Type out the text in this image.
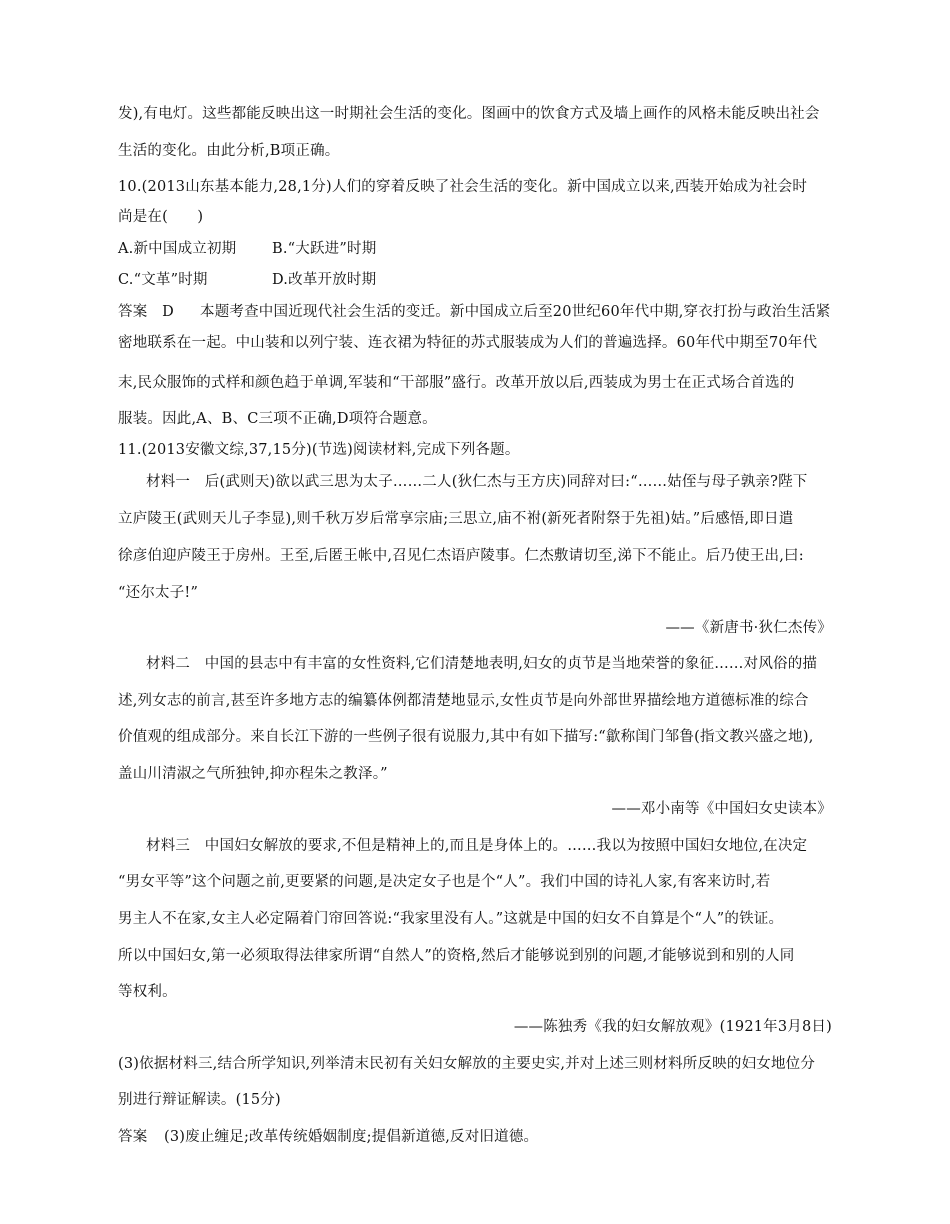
发),有电灯。这些都能反映出这一时期社会生活的变化。图画中的饮食方式及墙上画作的风格未能反映出社会
生活的变化。由此分析,B项正确。
10.(2013山东基本能力,28,1分)人们的穿着反映了社会生活的变化。新中国成立以来,西装开始成为社会时
尚是在(　　)
A.新中国成立初期 B.“大跃进”时期
C.“文革”时期	D.改革开放时期
答案　D 本题考查中国近现代社会生活的变迁。新中国成立后至20世纪60年代中期,穿衣打扮与政治生活紧
密地联系在一起。中山装和以列宁装、连衣裙为特征的苏式服装成为人们的普遍选择。60年代中期至70年代
末,民众服饰的式样和颜色趋于单调,军装和“干部服”盛行。改革开放以后,西装成为男士在正式场合首选的
服装。因此,A、B、C三项不正确,D项符合题意。
11.(2013安徽文综,37,15分)(节选)阅读材料,完成下列各题。
材料一　后(武则天)欲以武三思为太子……二人(狄仁杰与王方庆)同辞对曰:“……姑侄与母子孰亲?陛下
立庐陵王(武则天儿子李显),则千秋万岁后常享宗庙;三思立,庙不祔(新死者附祭于先祖)姑。”后感悟,即日遣
徐彦伯迎庐陵王于房州。王至,后匿王帐中,召见仁杰语庐陵事。仁杰敷请切至,涕下不能止。后乃使王出,曰:
“还尔太子!”
——《新唐书·狄仁杰传》
材料二　中国的县志中有丰富的女性资料,它们清楚地表明,妇女的贞节是当地荣誉的象征……对风俗的描
述,列女志的前言,甚至许多地方志的编纂体例都清楚地显示,女性贞节是向外部世界描绘地方道德标准的综合
价值观的组成部分。来自长江下游的一些例子很有说服力,其中有如下描写:“歙称闺门邹鲁(指文教兴盛之地),
盖山川清淑之气所独钟,抑亦程朱之教泽。”
——邓小南等《中国妇女史读本》
材料三　中国妇女解放的要求,不但是精神上的,而且是身体上的。……我以为按照中国妇女地位,在决定
“男女平等”这个问题之前,更要紧的问题,是决定女子也是个“人”。我们中国的诗礼人家,有客来访时,若
男主人不在家,女主人必定隔着门帘回答说:“我家里没有人。”这就是中国的妇女不自算是个“人”的铁证。
所以中国妇女,第一必须取得法律家所谓“自然人”的资格,然后才能够说到别的问题,才能够说到和别的人同
等权利。
——陈独秀《我的妇女解放观》(1921年3月8日)
(3)依据材料三,结合所学知识,列举清末民初有关妇女解放的主要史实,并对上述三则材料所反映的妇女地位分
别进行辩证解读。(15分)
答案 (3)废止缠足;改革传统婚姻制度;提倡新道德,反对旧道德。
